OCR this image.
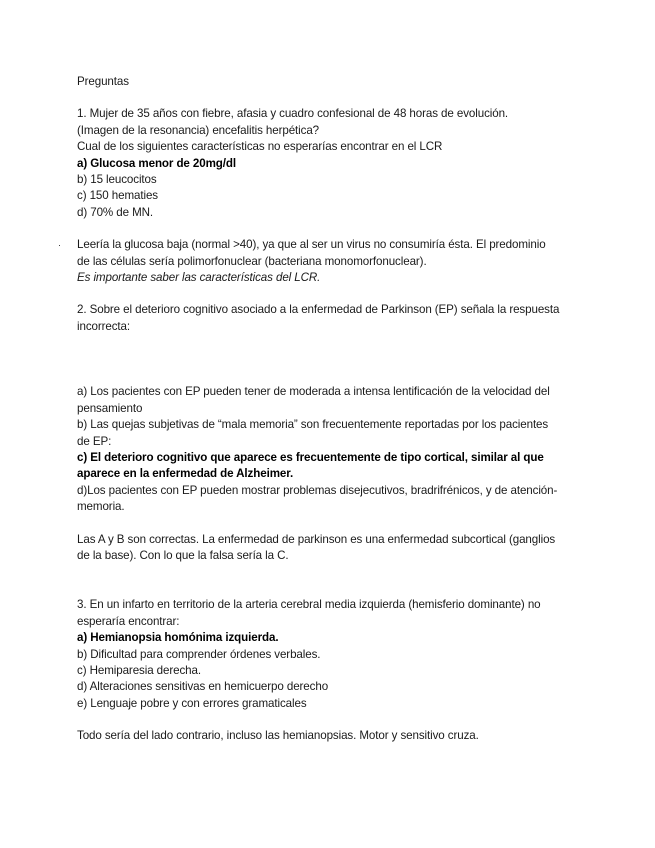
Preguntas
1. Mujer de 35 años con fiebre, afasia y cuadro confesional de 48 horas de evolución.
(Imagen de la resonancia) encefalitis herpética?
Cual de los siguientes características no esperarías encontrar en el LCR
a) Glucosa menor de 20mg/dl
b) 15 leucocitos
c) 150 hematies
d) 70% de MN.
· Leería la glucosa baja (normal >40), ya que al ser un virus no consumiría ésta. El predominio
de las células sería polimorfonuclear (bacteriana monomorfonuclear).
Es importante saber las características del LCR.
2. Sobre el deterioro cognitivo asociado a la enfermedad de Parkinson (EP) señala la respuesta
incorrecta:
a) Los pacientes con EP pueden tener de moderada a intensa lentificación de la velocidad del
pensamiento
b) Las quejas subjetivas de “mala memoria” son frecuentemente reportadas por los pacientes
de EP:
c) El deterioro cognitivo que aparece es frecuentemente de tipo cortical, similar al que
aparece en la enfermedad de Alzheimer.
d)Los pacientes con EP pueden mostrar problemas disejecutivos, bradrifrénicos, y de atención-
memoria.
Las A y B son correctas. La enfermedad de parkinson es una enfermedad subcortical (ganglios
de la base). Con lo que la falsa sería la C.
3. En un infarto en territorio de la arteria cerebral media izquierda (hemisferio dominante) no
esperaría encontrar:
a) Hemianopsia homónima izquierda.
b) Dificultad para comprender órdenes verbales.
c) Hemiparesia derecha.
d) Alteraciones sensitivas en hemicuerpo derecho
e) Lenguaje pobre y con errores gramaticales
Todo sería del lado contrario, incluso las hemianopsias. Motor y sensitivo cruza.
